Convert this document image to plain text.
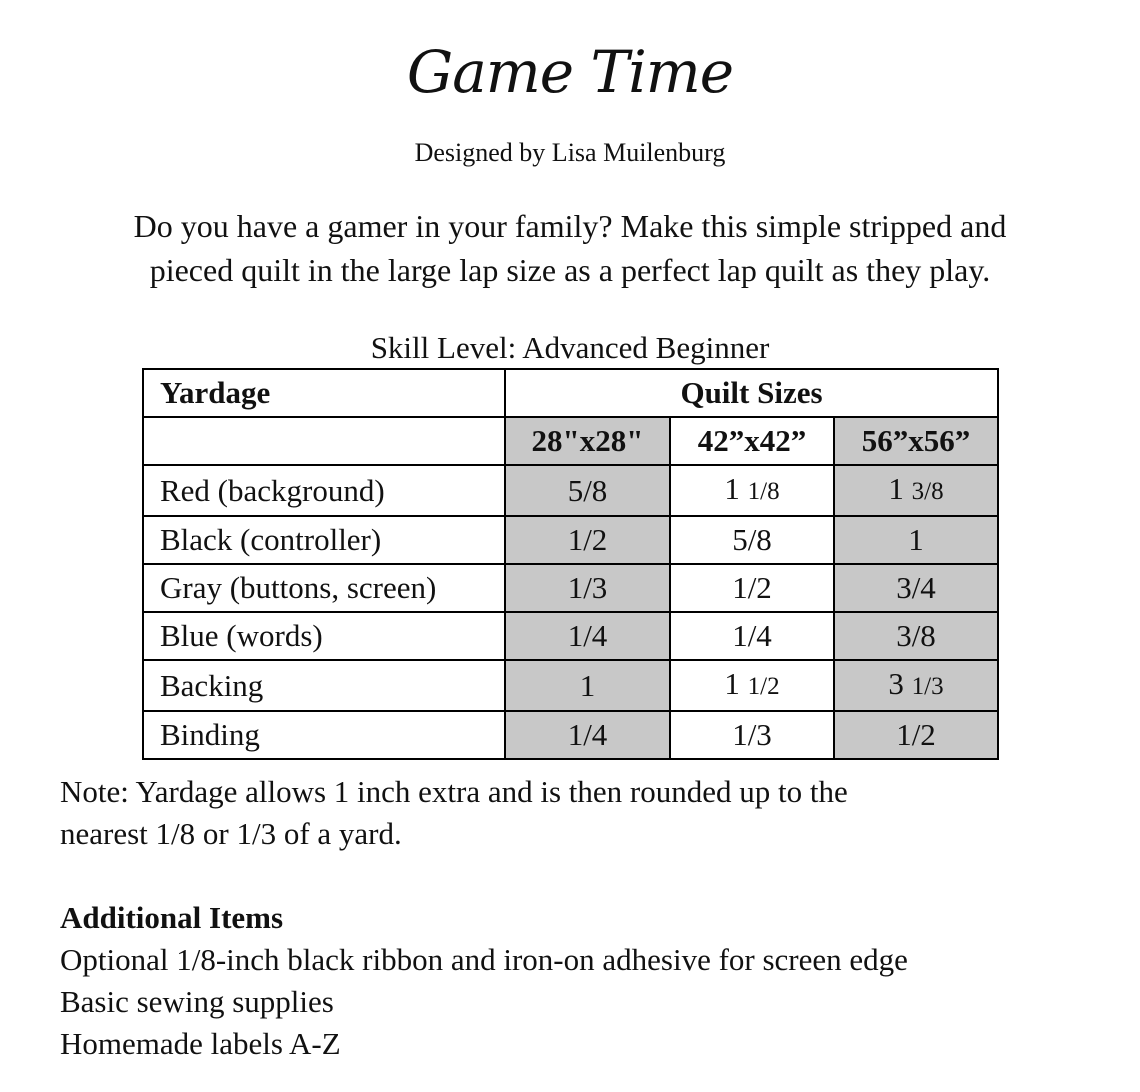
Game Time
Designed by Lisa Muilenburg
Do you have a gamer in your family? Make this simple stripped and
pieced quilt in the large lap size as a perfect lap quilt as they play.
Skill Level: Advanced Beginner
Yardage	Quilt Sizes		
	28"x28"	42”x42”	56”x56”
Red (background)	5/8	1 1/8	1 3/8
Black (controller)	1/2	5/8	1
Gray (buttons, screen)	1/3	1/2	3/4
Blue (words)	1/4	1/4	3/8
Backing	1	1 1/2	3 1/3
Binding	1/4	1/3	1/2
Note: Yardage allows 1 inch extra and is then rounded up to the
nearest 1/8 or 1/3 of a yard.
Additional Items
Optional 1/8-inch black ribbon and iron-on adhesive for screen edge
Basic sewing supplies
Homemade labels A-Z
